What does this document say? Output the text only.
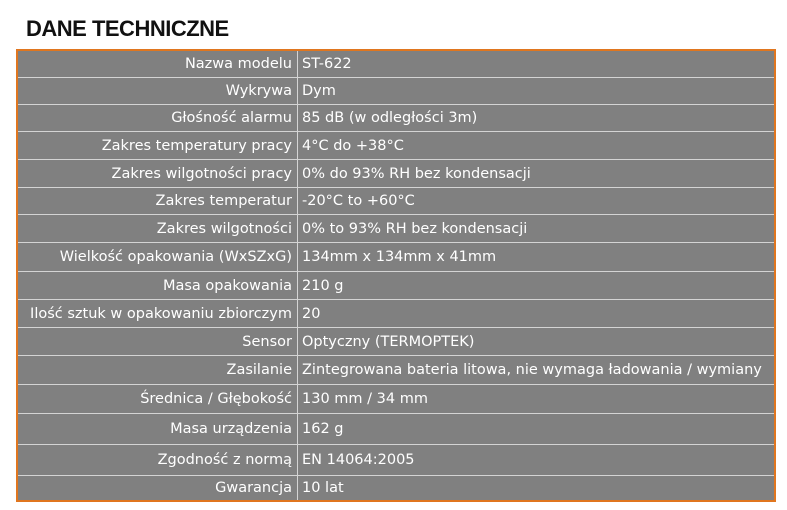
DANE TECHNICZNE
Nazwa modelu ST-622
Wykrywa Dym
Głośność alarmu 85 dB (w odległości 3m)
Zakres temperatury pracy 4°C do +38°C
Zakres wilgotności pracy 0% do 93% RH bez kondensacji
Zakres temperatur -20°C to +60°C
Zakres wilgotności 0% to 93% RH bez kondensacji
Wielkość opakowania (WxSZxG) 134mm x 134mm x 41mm
Masa opakowania 210 g
Ilość sztuk w opakowaniu zbiorczym 20
Sensor Optyczny (TERMOPTEK)
Zasilanie Zintegrowana bateria litowa, nie wymaga ładowania / wymiany
Średnica / Głębokość 130 mm / 34 mm
Masa urządzenia 162 g
Zgodność z normą EN 14064:2005
Gwarancja 10 lat
